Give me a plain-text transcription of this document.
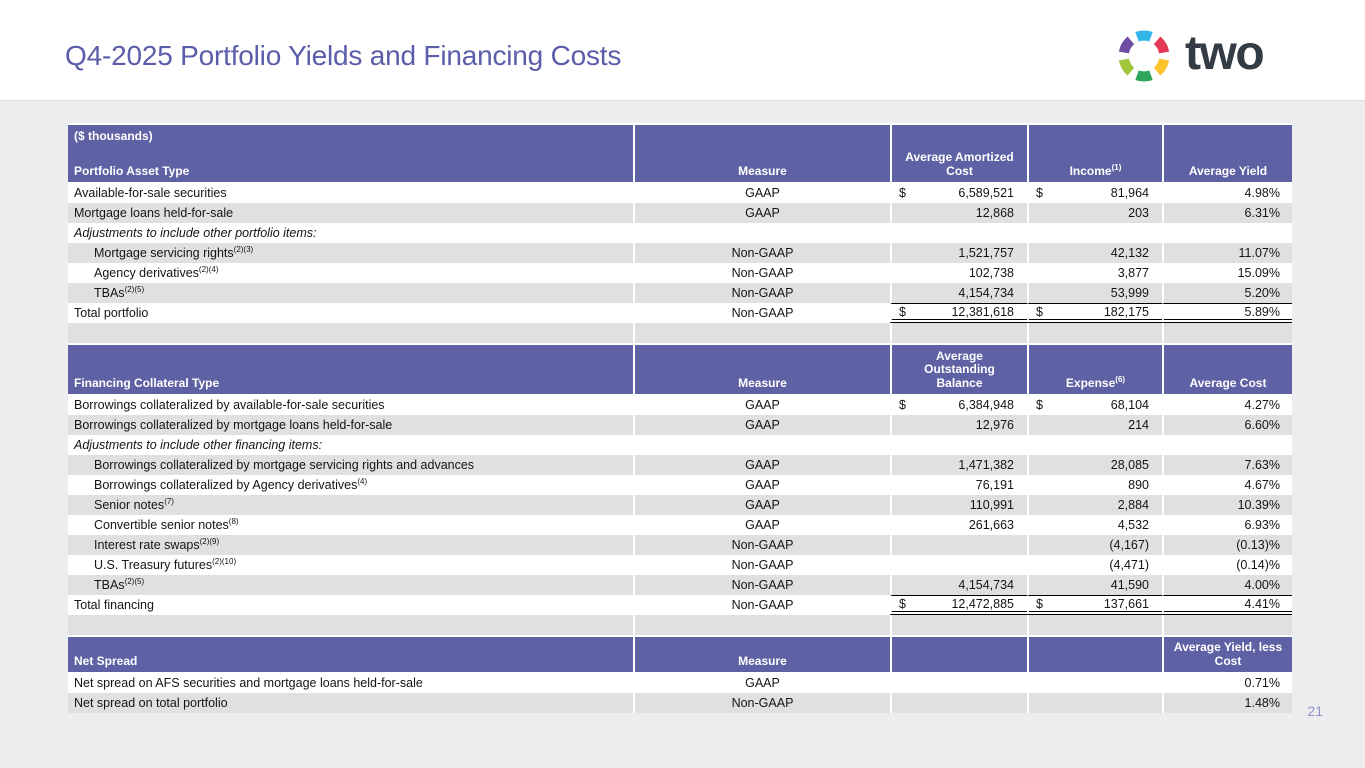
Q4-2025 Portfolio Yields and Financing Costs	two
($ thousands)
Portfolio Asset Type	Measure	Average Amortized Cost	Income$^{(1)}$	Average Yield

Available-for-sale securities	GAAP	$ 6,589,521	$ 81,964	4.98%

Mortgage loans held-for-sale	GAAP	12,868	203	6.31%

Adjustments to include other portfolio items:				

Mortgage servicing rights$^{(2)(3)}$	Non-GAAP	1,521,757	42,132	11.07%

Agency derivatives$^{(2)(4)}$	Non-GAAP	102,738	3,877	15.09%

TBAs$^{(2)(5)}$	Non-GAAP	4,154,734	53,999	5.20%

Total portfolio	Non-GAAP	$ 12,381,618	$ 182,175	5.89%

Financing Collateral Type	Measure	Average Outstanding Balance	Expense$^{(6)}$	Average Cost

Borrowings collateralized by available-for-sale securities	GAAP	$ 6,384,948	$ 68,104	4.27%

Borrowings collateralized by mortgage loans held-for-sale	GAAP	12,976	214	6.60%

Adjustments to include other financing items:				

Borrowings collateralized by mortgage servicing rights and advances	GAAP	1,471,382	28,085	7.63%

Borrowings collateralized by Agency derivatives$^{(4)}$	GAAP	76,191	890	4.67%

Senior notes$^{(7)}$	GAAP	110,991	2,884	10.39%

Convertible senior notes$^{(8)}$	GAAP	261,663	4,532	6.93%

Interest rate swaps$^{(2)(9)}$	Non-GAAP		(4,167)	(0.13)%

U.S. Treasury futures$^{(2)(10)}$	Non-GAAP		(4,471)	(0.14)%

TBAs$^{(2)(5)}$	Non-GAAP	4,154,734	41,590	4.00%

Total financing	Non-GAAP	$ 12,472,885	$ 137,661	4.41%

Net Spread	Measure			Average Yield, less Cost

Net spread on AFS securities and mortgage loans held-for-sale	GAAP			0.71%

Net spread on total portfolio	Non-GAAP			1.48%	21
